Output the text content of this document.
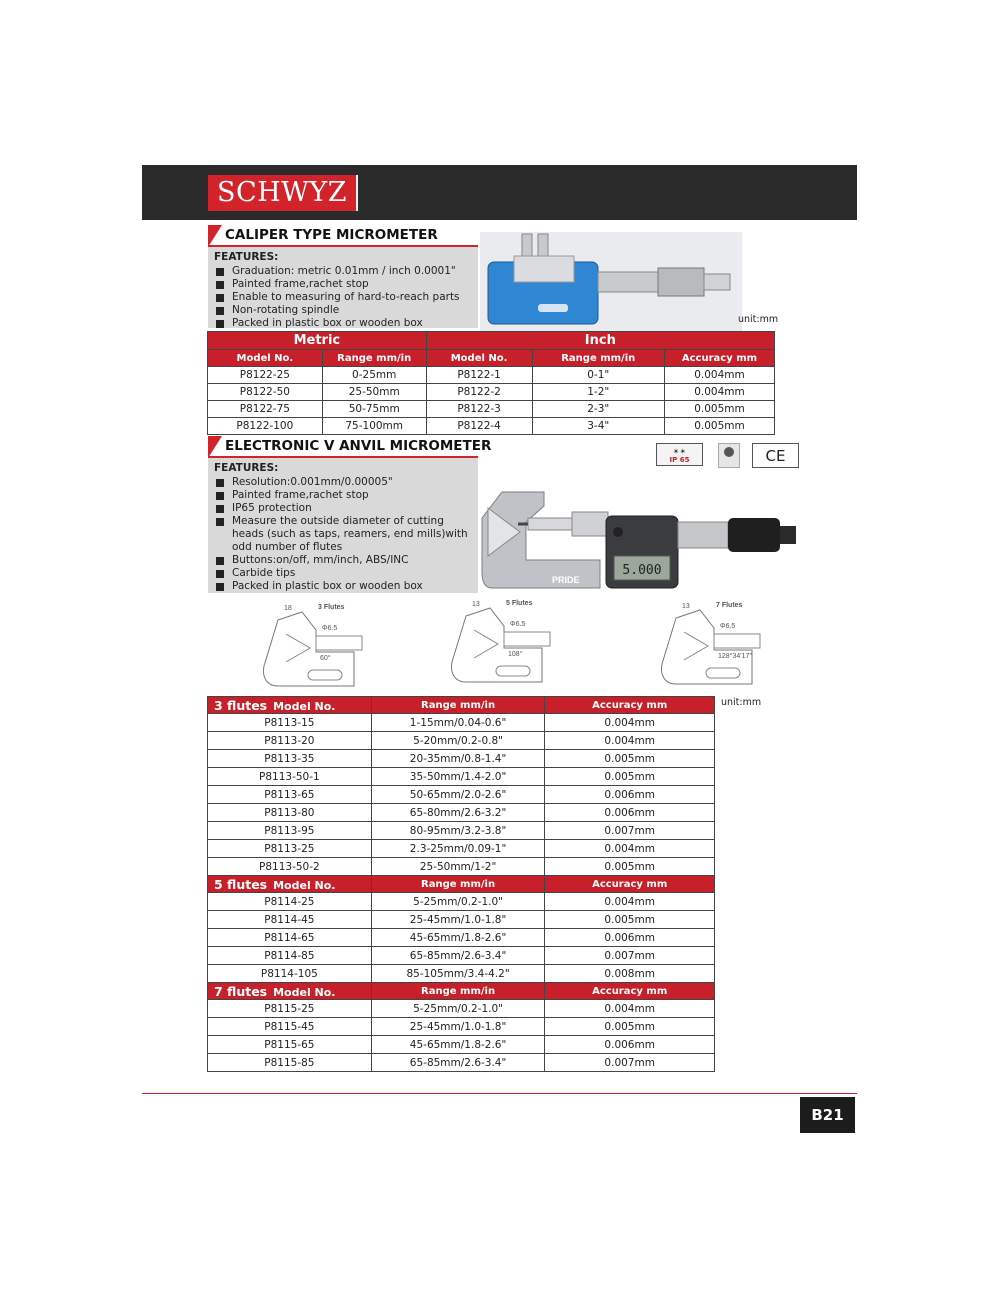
SCHWYZ
CALIPER TYPE MICROMETER
FEATURES:
Graduation: metric 0.01mm / inch 0.0001"
Painted frame,rachet stop
Enable to measuring of hard-to-reach parts
Non-rotating spindle
Packed in plastic box or wooden box	unit:mm
Metric		Inch		
Model No.	Range mm/in	Model No.	Range mm/in	Accuracy mm
P8122-25	0-25mm	P8122-1	0-1"	0.004mm
P8122-50	25-50mm	P8122-2	1-2"	0.004mm
P8122-75	50-75mm	P8122-3	2-3"	0.005mm
P8122-100	75-100mm	P8122-4	3-4"	0.005mm
ELECTRONIC V ANVIL MICROMETER	✴✴
IP 65	CE
FEATURES:
Resolution:0.001mm/0.00005"
Painted frame,rachet stop
IP65 protection
Measure the outside diameter of cutting heads (such as taps, reamers, end mills)with odd number of flutes
Buttons:on/off, mm/inch, ABS/INC
Carbide tips
Packed in plastic box or wooden box
5.000
PRIDE
3 Flutes
18
Φ6.5
60°
5 Flutes
13
Φ6.5
108°
7 Flutes
13
Φ6.5
128°34'17"
unit:mm
3 flutes Model No.	Range mm/in	Accuracy mm
P8113-15	1-15mm/0.04-0.6"	0.004mm
P8113-20	5-20mm/0.2-0.8"	0.004mm
P8113-35	20-35mm/0.8-1.4"	0.005mm
P8113-50-1	35-50mm/1.4-2.0"	0.005mm
P8113-65	50-65mm/2.0-2.6"	0.006mm
P8113-80	65-80mm/2.6-3.2"	0.006mm
P8113-95	80-95mm/3.2-3.8"	0.007mm
P8113-25	2.3-25mm/0.09-1"	0.004mm
P8113-50-2	25-50mm/1-2"	0.005mm
5 flutes Model No.	Range mm/in	Accuracy mm
P8114-25	5-25mm/0.2-1.0"	0.004mm
P8114-45	25-45mm/1.0-1.8"	0.005mm
P8114-65	45-65mm/1.8-2.6"	0.006mm
P8114-85	65-85mm/2.6-3.4"	0.007mm
P8114-105	85-105mm/3.4-4.2"	0.008mm
7 flutes Model No.	Range mm/in	Accuracy mm
P8115-25	5-25mm/0.2-1.0"	0.004mm
P8115-45	25-45mm/1.0-1.8"	0.005mm
P8115-65	45-65mm/1.8-2.6"	0.006mm
P8115-85	65-85mm/2.6-3.4"	0.007mm
B21
